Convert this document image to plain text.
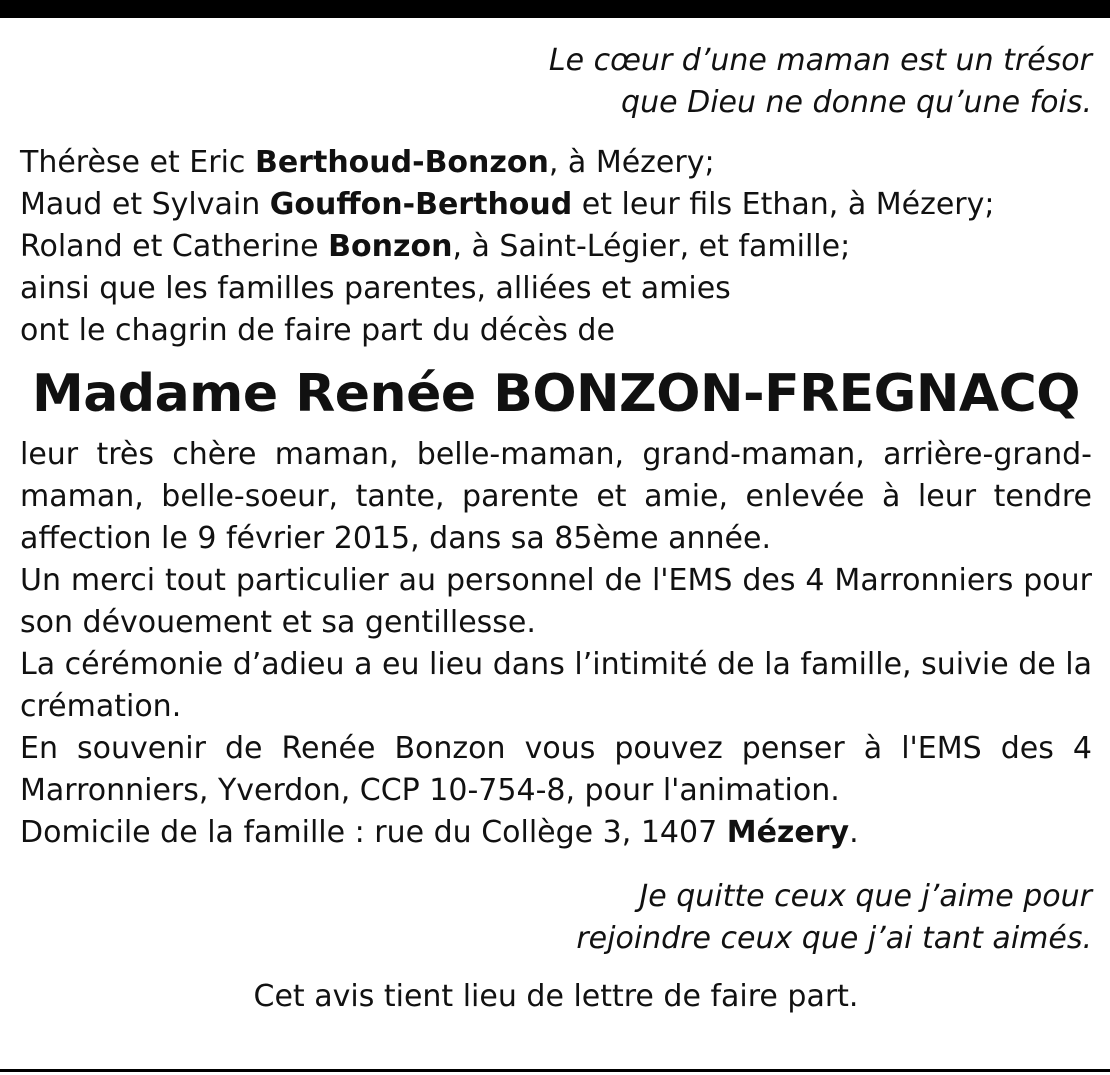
Le cœur d’une maman est un trésor
que Dieu ne donne qu’une fois.
Thérèse et Eric Berthoud-Bonzon, à Mézery;
Maud et Sylvain Gouffon-Berthoud et leur fils Ethan, à Mézery;
Roland et Catherine Bonzon, à Saint-Légier, et famille;
ainsi que les familles parentes, alliées et amies
ont le chagrin de faire part du décès de
Madame Renée BONZON-FREGNACQ
leur très chère maman, belle-maman, grand-maman, arrière-grand-maman, belle-soeur, tante, parente et amie, enlevée à leur tendre affection le 9 février 2015, dans sa 85ème année.
Un merci tout particulier au personnel de l'EMS des 4 Marronniers pour son dévouement et sa gentillesse.
La cérémonie d’adieu a eu lieu dans l’intimité de la famille, suivie de la crémation.
En souvenir de Renée Bonzon vous pouvez penser à l'EMS des 4 Marronniers, Yverdon, CCP 10-754-8, pour l'animation.
Domicile de la famille : rue du Collège 3, 1407 Mézery.
Je quitte ceux que j’aime pour
rejoindre ceux que j’ai tant aimés.
Cet avis tient lieu de lettre de faire part.
